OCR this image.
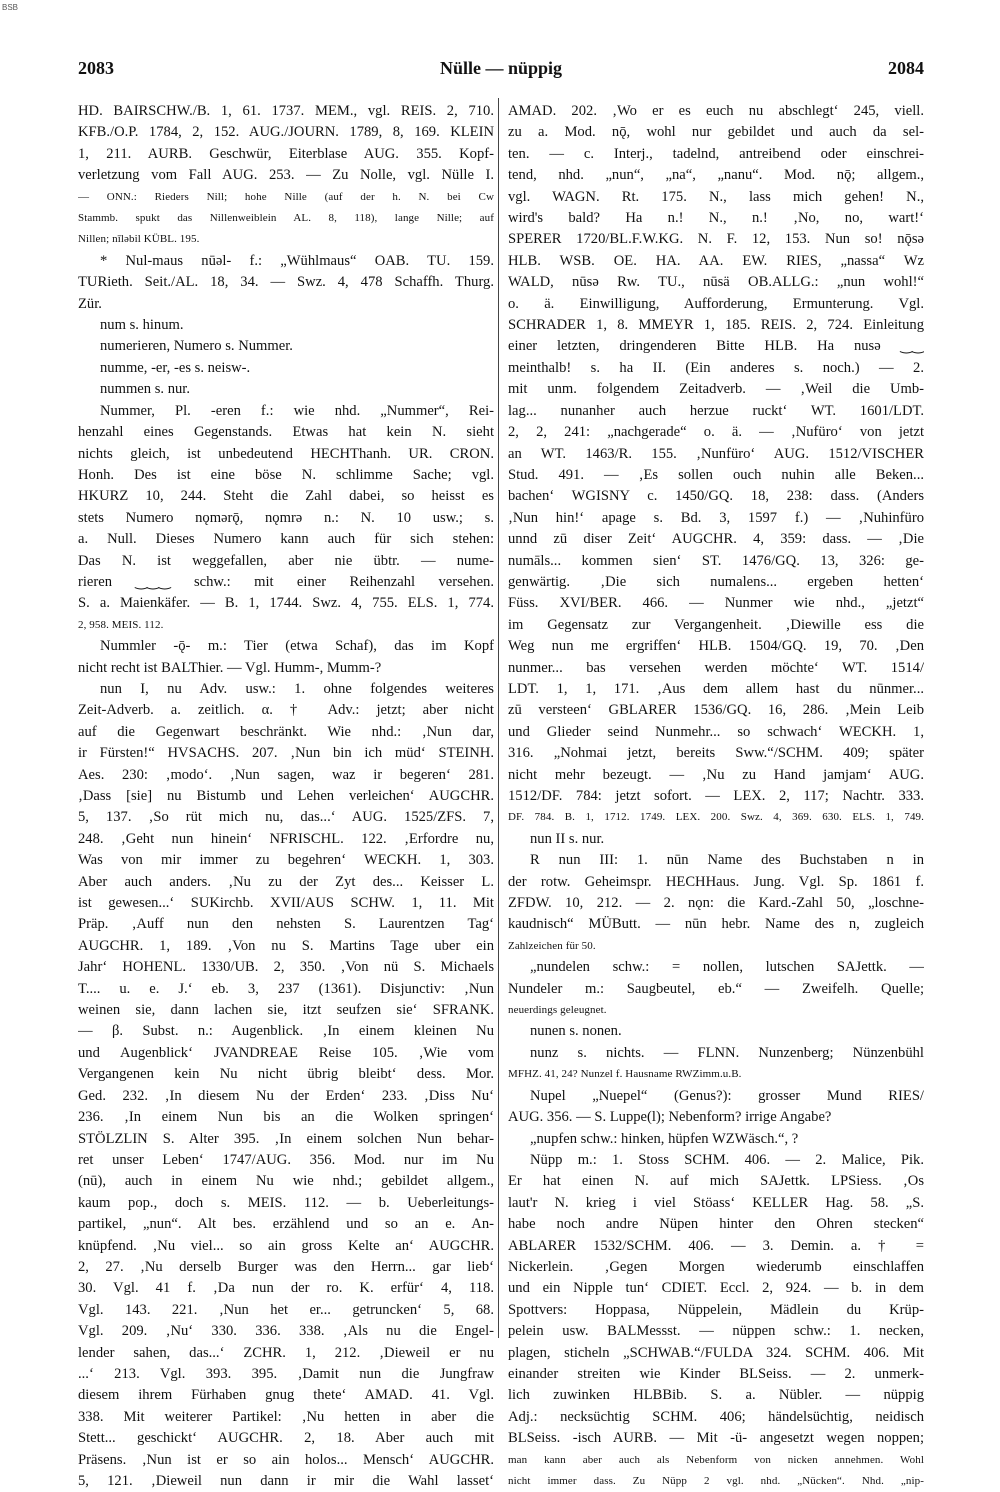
BSB
2083	Nülle — nüppig	2084
HD. BAIRSCHW./B. 1, 61. 1737. MEM., vgl. REIS. 2, 710.
KFB./O.P. 1784, 2, 152. AUG./JOURN. 1789, 8, 169. KLEIN
1, 211. AURB. Geschwür, Eiterblase AUG. 355. Kopf-
verletzung vom Fall AUG. 253. — Zu Nolle, vgl. Nülle I.
— ONN.: Rieders Nill; hohe Nille (auf der h. N. bei Cw
Stammb. spukt das Nillenweiblein AL. 8, 118), lange Nille; auf
Nillen; nīləbil KÜBL. 195.
* Nul-maus nūəl- f.: „Wühlmaus“ OAB. TU. 159.
TURieth. Seit./AL. 18, 34. — Swz. 4, 478 Schaffh. Thurg.
Zür.
num s. hinum.
numerieren, Numero s. Nummer.
numme, -er, -es s. neisw-.
nummen s. nur.
Nummer, Pl. -eren f.: wie nhd. „Nummer“, Rei-
henzahl eines Gegenstands. Etwas hat kein N. sieht
nichts gleich, ist unbedeutend HECHThanh. UR. CRON.
Honh. Des ist eine böse N. schlimme Sache; vgl.
HKURZ 10, 244. Steht die Zahl dabei, so heisst es
stets Numero nǫmərǭ, nǫmrə n.: N. 10 usw.; s.
a. Null. Dieses Numero kann auch für sich stehen:
Das N. ist weggefallen, aber nie übtr. — nume-
rieren ‿‿‿ schw.: mit einer Reihenzahl versehen.
S. a. Maienkäfer. — B. 1, 1744. Swz. 4, 755. ELS. 1, 774.
2, 958. MEIS. 112.
Nummler -ǭ- m.: Tier (etwa Schaf), das im Kopf
nicht recht ist BALThier. — Vgl. Humm-, Mumm-?
nun I, nu Adv. usw.: 1. ohne folgendes weiteres
Zeit-Adverb. a. zeitlich. α. † Adv.: jetzt; aber nicht
auf die Gegenwart beschränkt. Wie nhd.: ‚Nun dar,
ir Fürsten!“ HVSACHS. 207. ‚Nun bin ich müd‘ STEINH.
Aes. 230: ‚modo‘. ‚Nun sagen, waz ir begeren‘ 281.
‚Dass [sie] nu Bistumb und Lehen verleichen‘ AUGCHR.
5, 137. ‚So rüt mich nu, das...‘ AUG. 1525/ZFS. 7,
248. ‚Geht nun hinein‘ NFRISCHL. 122. ‚Erfordre nu,
Was von mir immer zu begehren‘ WECKH. 1, 303.
Aber auch anders. ‚Nu zu der Zyt des... Keisser L.
ist gewesen...‘ SUKirchb. XVII/AUS SCHW. 1, 11. Mit
Präp. ‚Auff nun den nehsten S. Laurentzen Tag‘
AUGCHR. 1, 189. ‚Von nu S. Martins Tage uber ein
Jahr‘ HOHENL. 1330/UB. 2, 350. ‚Von nü S. Michaels
T.... u. e. J.‘ eb. 3, 237 (1361). Disjunctiv: ‚Nun
weinen sie, dann lachen sie, itzt seufzen sie‘ SFRANK.
— β. Subst. n.: Augenblick. ‚In einem kleinen Nu
und Augenblick‘ JVANDREAE Reise 105. ‚Wie vom
Vergangenen kein Nu nicht übrig bleibt‘ dess. Mor.
Ged. 232. ‚In diesem Nu der Erden‘ 233. ‚Diss Nu‘
236. ‚In einem Nun bis an die Wolken springen‘
STÖLZLIN S. Alter 395. ‚In einem solchen Nun behar-
ret unser Leben‘ 1747/AUG. 356. Mod. nur im Nu
(nū), auch in einem Nu wie nhd.; gebildet allgem.,
kaum pop., doch s. MEIS. 112. — b. Ueberleitungs-
partikel, „nun“. Alt bes. erzählend und so an e. An-
knüpfend. ‚Nu viel... so ain gross Kelte an‘ AUGCHR.
2, 27. ‚Nu derselb Burger was den Herrn... gar lieb‘
30. Vgl. 41 f. ‚Da nun der ro. K. erfür‘ 4, 118.
Vgl. 143. 221. ‚Nun het er... getruncken‘ 5, 68.
Vgl. 209. ‚Nu‘ 330. 336. 338. ‚Als nu die Engel-
lender sahen, das...‘ ZCHR. 1, 212. ‚Dieweil er nu
...‘ 213. Vgl. 393. 395. ‚Damit nun die Jungfraw
diesem ihrem Fürhaben gnug thete‘ AMAD. 41. Vgl.
338. Mit weiterer Partikel: ‚Nu hetten in aber die
Stett... geschickt‘ AUGCHR. 2, 18. Aber auch mit
Präsens. ‚Nun ist er so ain holos... Mensch‘ AUGCHR.
5, 121. ‚Dieweil nun dann ir mir die Wahl lasset‘
AMAD. 202. ‚Wo er es euch nu abschlegt‘ 245, viell.
zu a. Mod. nǭ, wohl nur gebildet und auch da sel-
ten. — c. Interj., tadelnd, antreibend oder einschrei-
tend, nhd. „nun“, „na“, „nanu“. Mod. nǭ; allgem.,
vgl. WAGN. Rt. 175. N., lass mich gehen! N.,
wird's bald? Ha n.! N., n.! ‚No, no, wart!‘
SPERER 1720/BL.F.W.KG. N. F. 12, 153. Nun so! nǭsə
HLB. WSB. OE. HA. AA. EW. RIES, „nassa“ Wz
WALD, nūsə Rw. TU., nūsä OB.ALLG.: „nun wohl!“
o. ä. Einwilligung, Aufforderung, Ermunterung. Vgl.
SCHRADER 1, 8. MMEYR 1, 185. REIS. 2, 724. Einleitung
einer letzten, dringenderen Bitte HLB. Ha nusə ‿‿
meinthalb! s. ha II. (Ein anderes s. noch.) — 2.
mit unm. folgendem Zeitadverb. — ‚Weil die Umb-
lag... nunanher auch herzue ruckt‘ WT. 1601/LDT.
2, 2, 241: „nachgerade“ o. ä. — ‚Nufüro‘ von jetzt
an WT. 1463/R. 155. ‚Nunfüro‘ AUG. 1512/VISCHER
Stud. 491. — ‚Es sollen ouch nuhin alle Beken...
bachen‘ WGISNY c. 1450/GQ. 18, 238: dass. (Anders
‚Nun hin!‘ apage s. Bd. 3, 1597 f.) — ‚Nuhinfüro
unnd zū diser Zeit‘ AUGCHR. 4, 359: dass. — ‚Die
numāls... kommen sien‘ ST. 1476/GQ. 13, 326: ge-
genwärtig. ‚Die sich numalens... ergeben hetten‘
Füss. XVI/BER. 466. — Nunmer wie nhd., „jetzt“
im Gegensatz zur Vergangenheit. ‚Diewille ess die
Weg nun me ergriffen‘ HLB. 1504/GQ. 19, 70. ‚Den
nunmer... bas versehen werden möchte‘ WT. 1514/
LDT. 1, 1, 171. ‚Aus dem allem hast du nūnmer...
zū versteen‘ GBLARER 1536/GQ. 16, 286. ‚Mein Leib
und Glieder seind Nunmehr... so schwach‘ WECKH. 1,
316. „Nohmai jetzt, bereits Sww.“/SCHM. 409; später
nicht mehr bezeugt. — ‚Nu zu Hand jamjam‘ AUG.
1512/DF. 784: jetzt sofort. — LEX. 2, 117; Nachtr. 333.
DF. 784. B. 1, 1712. 1749. LEX. 200. Swz. 4, 369. 630. ELS. 1, 749.
nun II s. nur.
R nun III: 1. nūn Name des Buchstaben n in
der rotw. Geheimspr. HECHHaus. Jung. Vgl. Sp. 1861 f.
ZFDW. 10, 212. — 2. nǫn: die Kard.-Zahl 50, „loschne-
kaudnisch“ MÜButt. — nūn hebr. Name des n, zugleich
Zahlzeichen für 50.
„nundelen schw.: = nollen, lutschen SAJettk. —
Nundeler m.: Saugbeutel, eb.“ — Zweifelh. Quelle;
neuerdings geleugnet.
nunen s. nonen.
nunz s. nichts. — FLNN. Nunzenberg; Nünzenbühl
MFHZ. 41, 24? Nunzel f. Hausname RWZimm.u.B.
Nupel „Nuepel“ (Genus?): grosser Mund RIES/
AUG. 356. — S. Luppe(l); Nebenform? irrige Angabe?
„nupfen schw.: hinken, hüpfen WZWäsch.“, ?
Nüpp m.: 1. Stoss SCHM. 406. — 2. Malice, Pik.
Er hat einen N. auf mich SAJettk. LPSiess. ‚Os
laut'r N. krieg i viel Stöass‘ KELLER Hag. 58. „S.
habe noch andre Nüpen hinter den Ohren stecken“
ABLARER 1532/SCHM. 406. — 3. Demin. a. † =
Nickerlein. ‚Gegen Morgen wiederumb einschlaffen
und ein Nipple tun‘ CDIET. Eccl. 2, 924. — b. in dem
Spottvers: Hoppasa, Nüppelein, Mädlein du Krüp-
pelein usw. BALMessst. — nüppen schw.: 1. necken,
plagen, sticheln „SCHWAB.“/FULDA 324. SCHM. 406. Mit
einander streiten wie Kinder BLSeiss. — 2. unmerk-
lich zuwinken HLBBib. S. a. Nübler. — nüppig
Adj.: necksüchtig SCHM. 406; händelsüchtig, neidisch
BLSeiss. -isch AURB. — Mit -ü- angesetzt wegen noppen;
man kann aber auch als Nebenform von nicken annehmen. Wohl
nicht immer dass. Zu Nüpp 2 vgl. nhd. „Nücken“. Nhd. „nip-
